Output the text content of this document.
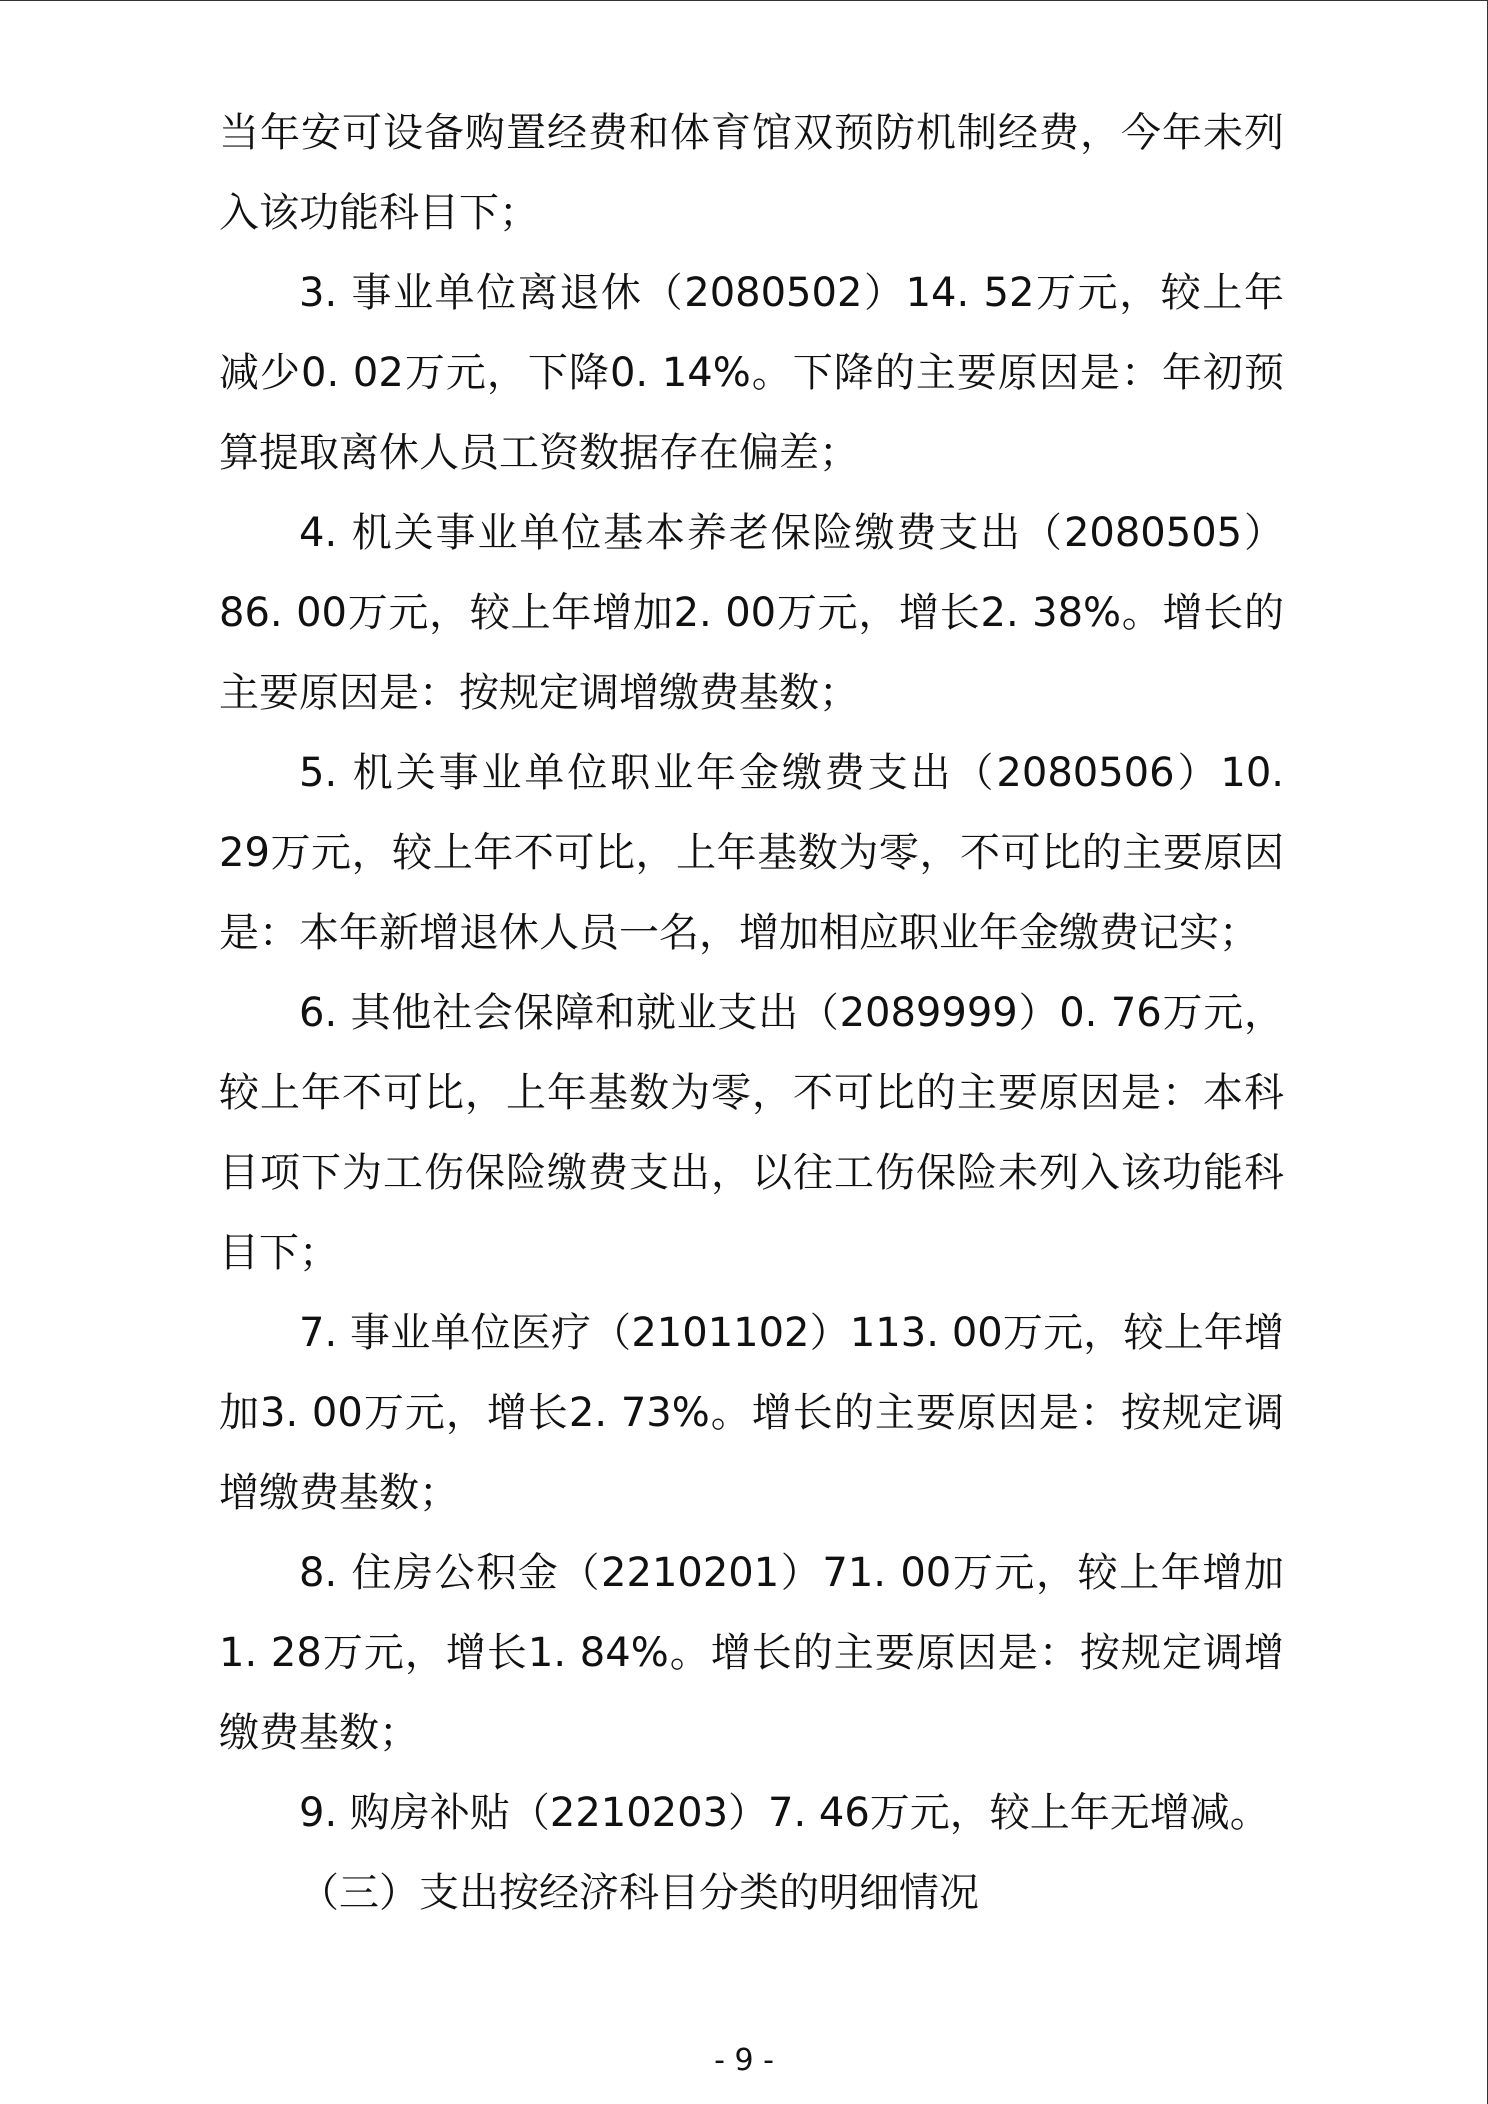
当年安可设备购置经费和体育馆双预防机制经费，今年未列入该功能科目下；

3. 事业单位离退休（2080502）14. 52万元，较上年减少0. 02万元，下降0. 14%。下降的主要原因是：年初预算提取离休人员工资数据存在偏差；

4. 机关事业单位基本养老保险缴费支出（2080505）86. 00万元，较上年增加2. 00万元，增长2. 38%。增长的主要原因是：按规定调增缴费基数；

5. 机关事业单位职业年金缴费支出（2080506）10. 29万元，较上年不可比，上年基数为零，不可比的主要原因是：本年新增退休人员一名，增加相应职业年金缴费记实；

6. 其他社会保障和就业支出（2089999）0. 76万元，较上年不可比，上年基数为零，不可比的主要原因是：本科目项下为工伤保险缴费支出，以往工伤保险未列入该功能科目下；

7. 事业单位医疗（2101102）113. 00万元，较上年增加3. 00万元，增长2. 73%。增长的主要原因是：按规定调增缴费基数；

8. 住房公积金（2210201）71. 00万元，较上年增加1. 28万元，增长1. 84%。增长的主要原因是：按规定调增缴费基数；

9. 购房补贴（2210203）7. 46万元，较上年无增减。

（三）支出按经济科目分类的明细情况

- 9 -
